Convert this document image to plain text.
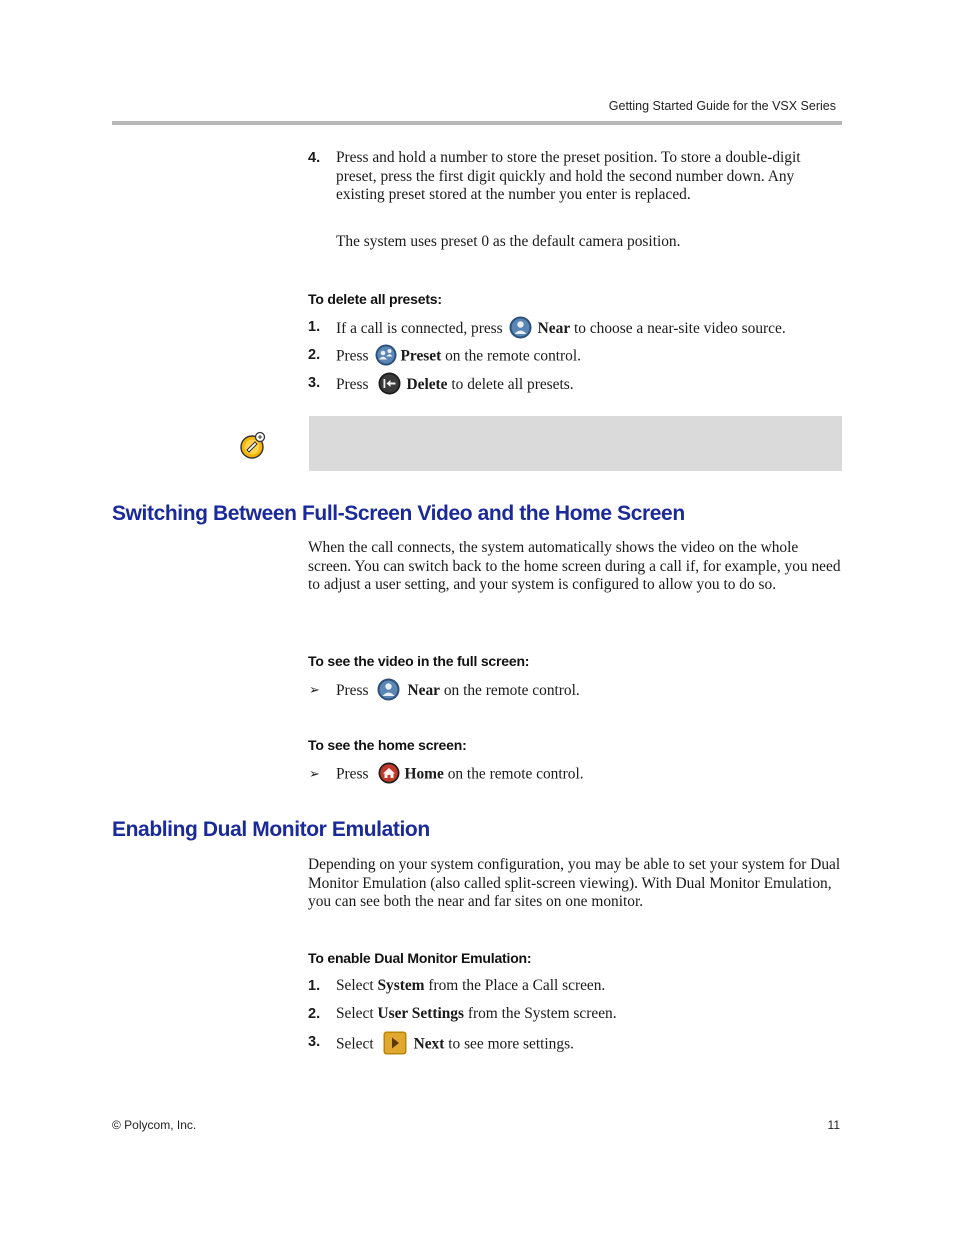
Getting Started Guide for the VSX Series
4. Press and hold a number to store the preset position. To store a double-digit preset, press the first digit quickly and hold the second number down. Any existing preset stored at the number you enter is replaced.
The system uses preset 0 as the default camera position.
To delete all presets:
1. If a call is connected, press Near to choose a near-site video source.
2. Press Preset on the remote control.
3. Press Delete to delete all presets.
Switching Between Full-Screen Video and the Home Screen
When the call connects, the system automatically shows the video on the whole screen. You can switch back to the home screen during a call if, for example, you need to adjust a user setting, and your system is configured to allow you to do so.
To see the video in the full screen:
➢ Press	Near on the remote control.
To see the home screen:
➢ Press Home on the remote control.
Enabling Dual Monitor Emulation
Depending on your system configuration, you may be able to set your system for Dual Monitor Emulation (also called split-screen viewing). With Dual Monitor Emulation, you can see both the near and far sites on one monitor.
To enable Dual Monitor Emulation:
1. Select System from the Place a Call screen.
2. Select User Settings from the System screen.
3. Select	Next to see more settings.
© Polycom, Inc.	11
